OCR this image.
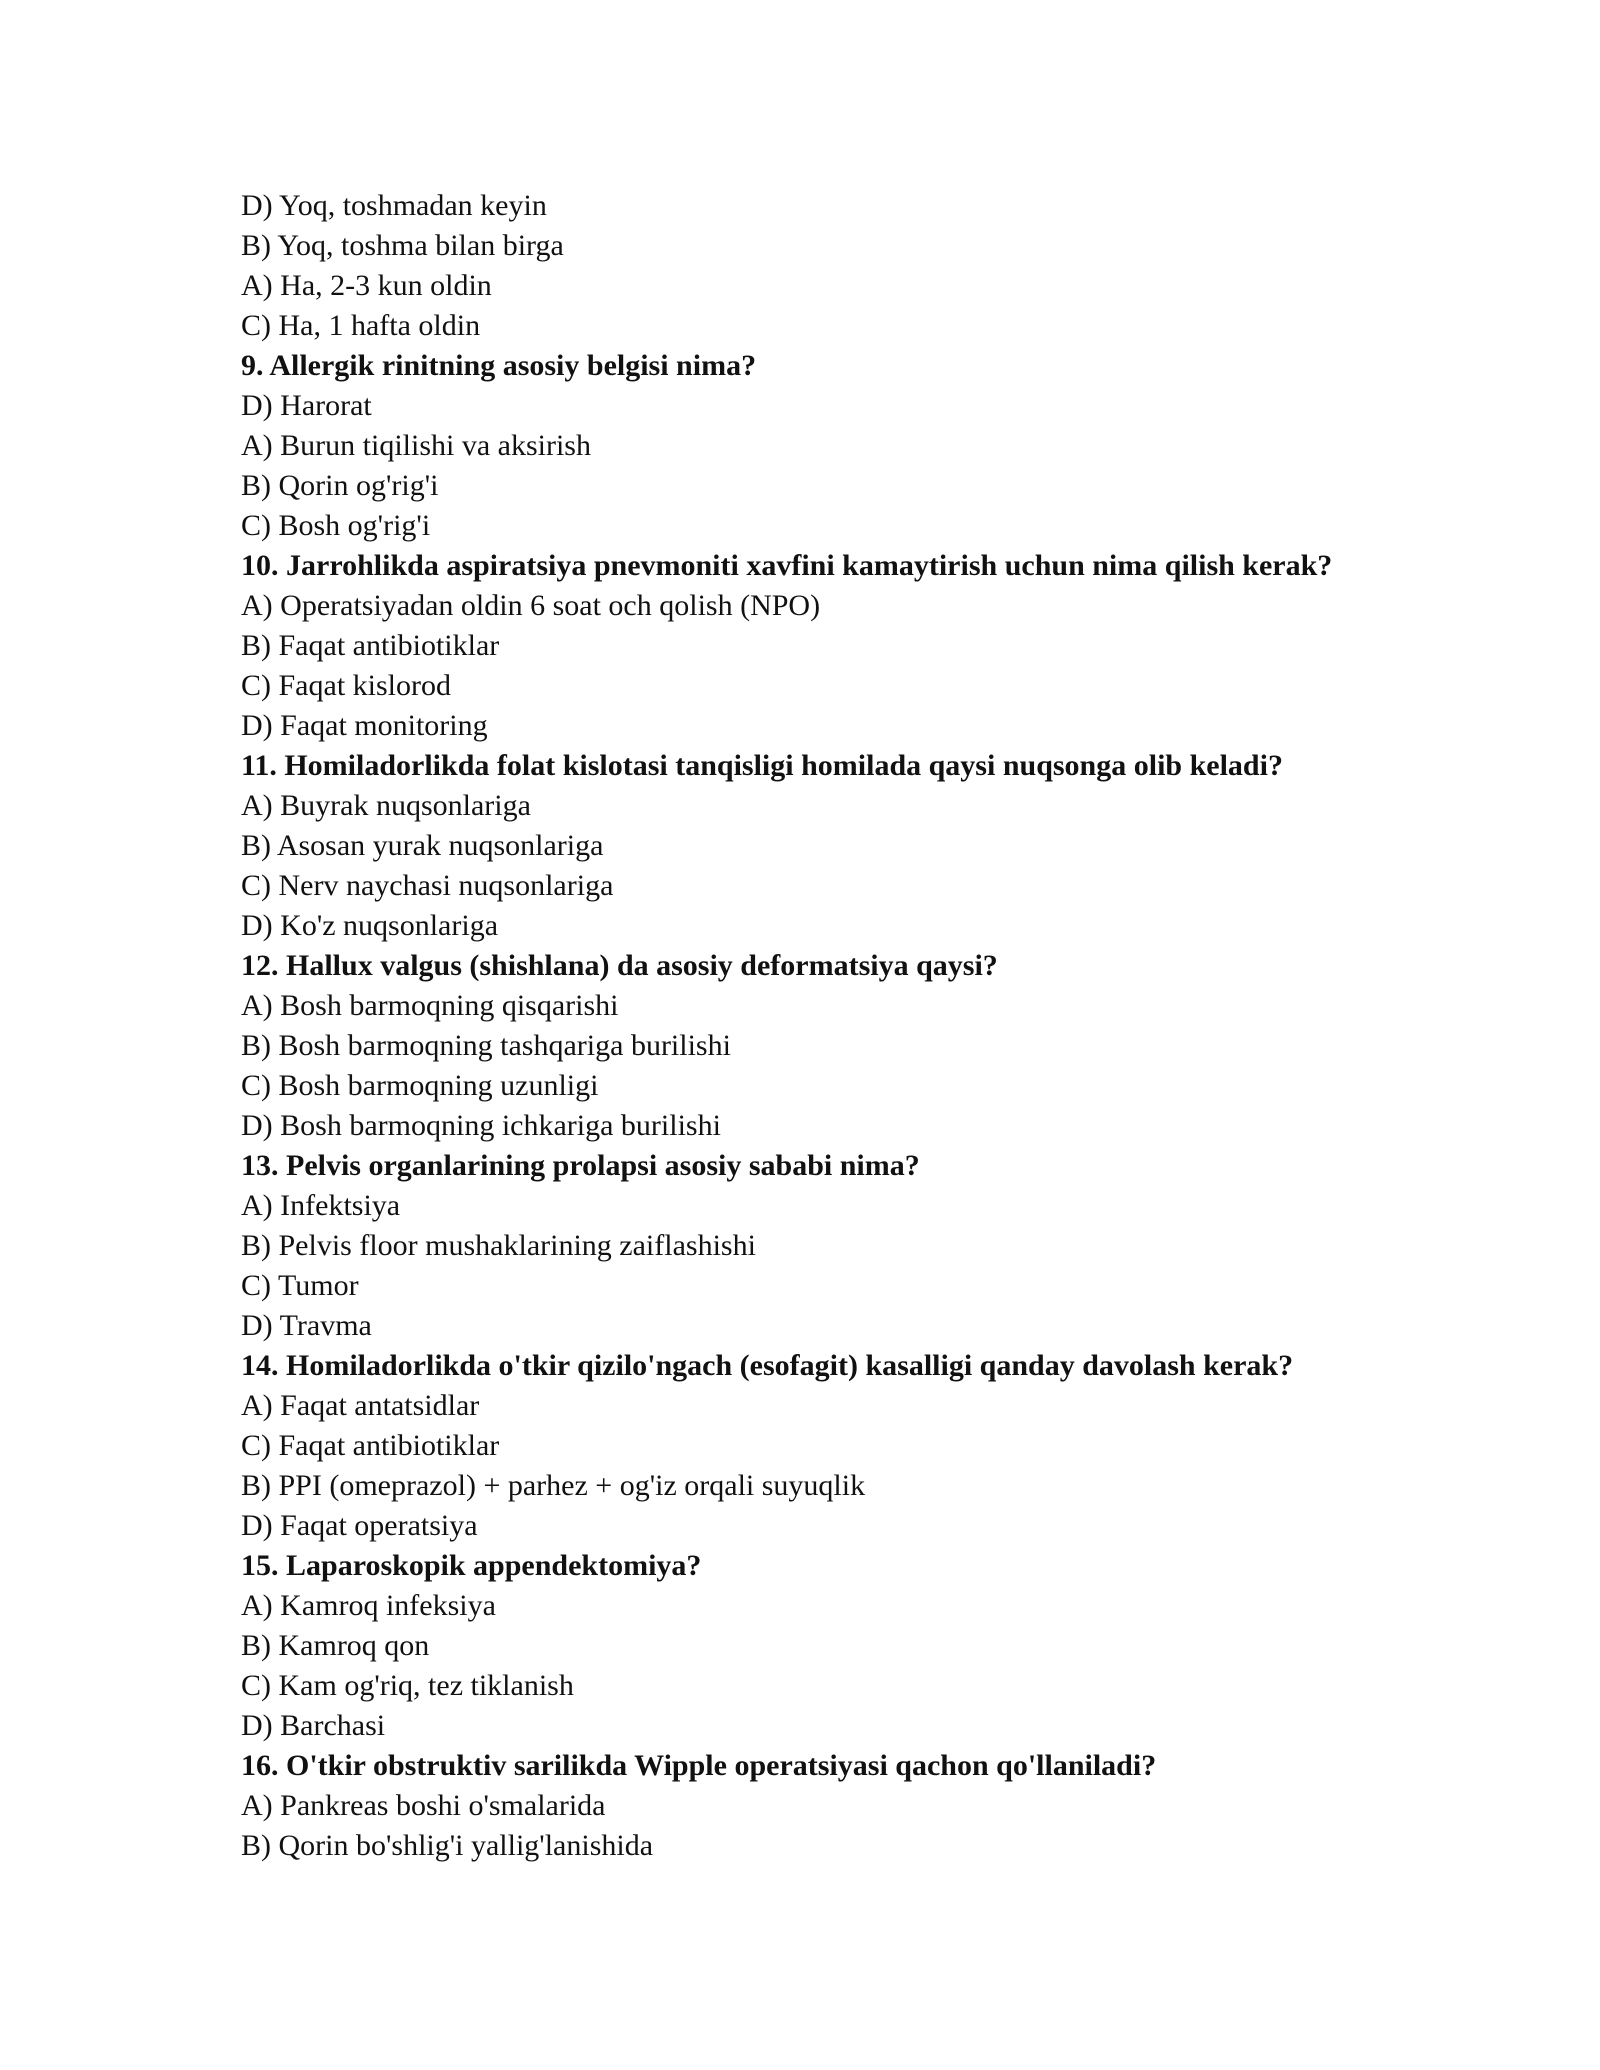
D) Yoq, toshmadan keyin
B) Yoq, toshma bilan birga
A) Ha, 2-3 kun oldin
C) Ha, 1 hafta oldin
9. Allergik rinitning asosiy belgisi nima?
D) Harorat
A) Burun tiqilishi va aksirish
B) Qorin og'rig'i
C) Bosh og'rig'i
10. Jarrohlikda aspiratsiya pnevmoniti xavfini kamaytirish uchun nima qilish kerak?
A) Operatsiyadan oldin 6 soat och qolish (NPO)
B) Faqat antibiotiklar
C) Faqat kislorod
D) Faqat monitoring
11. Homiladorlikda folat kislotasi tanqisligi homilada qaysi nuqsonga olib keladi?
A) Buyrak nuqsonlariga
B) Asosan yurak nuqsonlariga
C) Nerv naychasi nuqsonlariga
D) Ko'z nuqsonlariga
12. Hallux valgus (shishlana) da asosiy deformatsiya qaysi?
A) Bosh barmoqning qisqarishi
B) Bosh barmoqning tashqariga burilishi
C) Bosh barmoqning uzunligi
D) Bosh barmoqning ichkariga burilishi
13. Pelvis organlarining prolapsi asosiy sababi nima?
A) Infektsiya
B) Pelvis floor mushaklarining zaiflashishi
C) Tumor
D) Travma
14. Homiladorlikda o'tkir qizilo'ngach (esofagit) kasalligi qanday davolash kerak?
A) Faqat antatsidlar
C) Faqat antibiotiklar
B) PPI (omeprazol) + parhez + og'iz orqali suyuqlik
D) Faqat operatsiya
15. Laparoskopik appendektomiya?
A) Kamroq infeksiya
B) Kamroq qon
C) Kam og'riq, tez tiklanish
D) Barchasi
16. O'tkir obstruktiv sarilikda Wipple operatsiyasi qachon qo'llaniladi?
A) Pankreas boshi o'smalarida
B) Qorin bo'shlig'i yallig'lanishida
